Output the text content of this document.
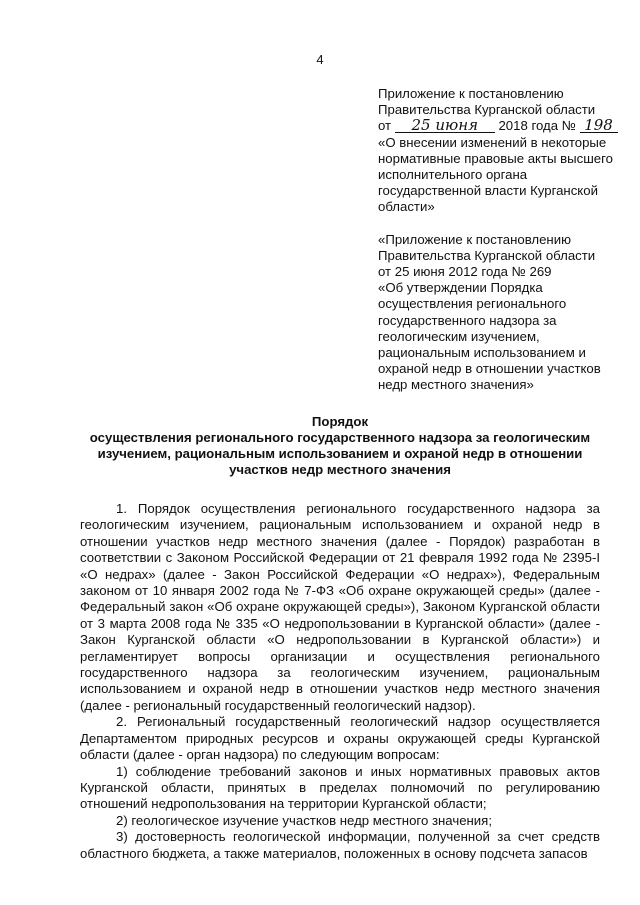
4

Приложение к постановлению

Правительства Курганской области

от 25 июня 2018 года № 198

«О внесении изменений в некоторые нормативные правовые акты высшего исполнительного органа государственной власти Курганской области»

«Приложение к постановлению

Правительства Курганской области

от 25 июня 2012 года № 269

«Об утверждении Порядка осуществления регионального государственного надзора за геологическим изучением, рациональным использованием и охраной недр в отношении участков недр местного значения»

Порядок
осуществления регионального государственного надзора за геологическим
изучением, рациональным использованием и охраной недр в отношении
участков недр местного значения

1. Порядок осуществления регионального государственного надзора за геологическим изучением, рациональным использованием и охраной недр в отношении участков недр местного значения (далее - Порядок) разработан в соответствии с Законом Российской Федерации от 21 февраля 1992 года № 2395-I «О недрах» (далее - Закон Российской Федерации «О недрах»), Федеральным законом от 10 января 2002 года № 7-ФЗ «Об охране окружающей среды» (далее - Федеральный закон «Об охране окружающей среды»), Законом Курганской области от 3 марта 2008 года № 335 «О недропользовании в Курганской области» (далее - Закон Курганской области «О недропользовании в Курганской области») и регламентирует вопросы организации и осуществления регионального государственного надзора за геологическим изучением, рациональным использованием и охраной недр в отношении участков недр местного значения (далее - региональный государственный геологический надзор).

2. Региональный государственный геологический надзор осуществляется Департаментом природных ресурсов и охраны окружающей среды Курганской области (далее - орган надзора) по следующим вопросам:

1) соблюдение требований законов и иных нормативных правовых актов Курганской области, принятых в пределах полномочий по регулированию отношений недропользования на территории Курганской области;

2) геологическое изучение участков недр местного значения;

3) достоверность геологической информации, полученной за счет средств областного бюджета, а также материалов, положенных в основу подсчета запасов
